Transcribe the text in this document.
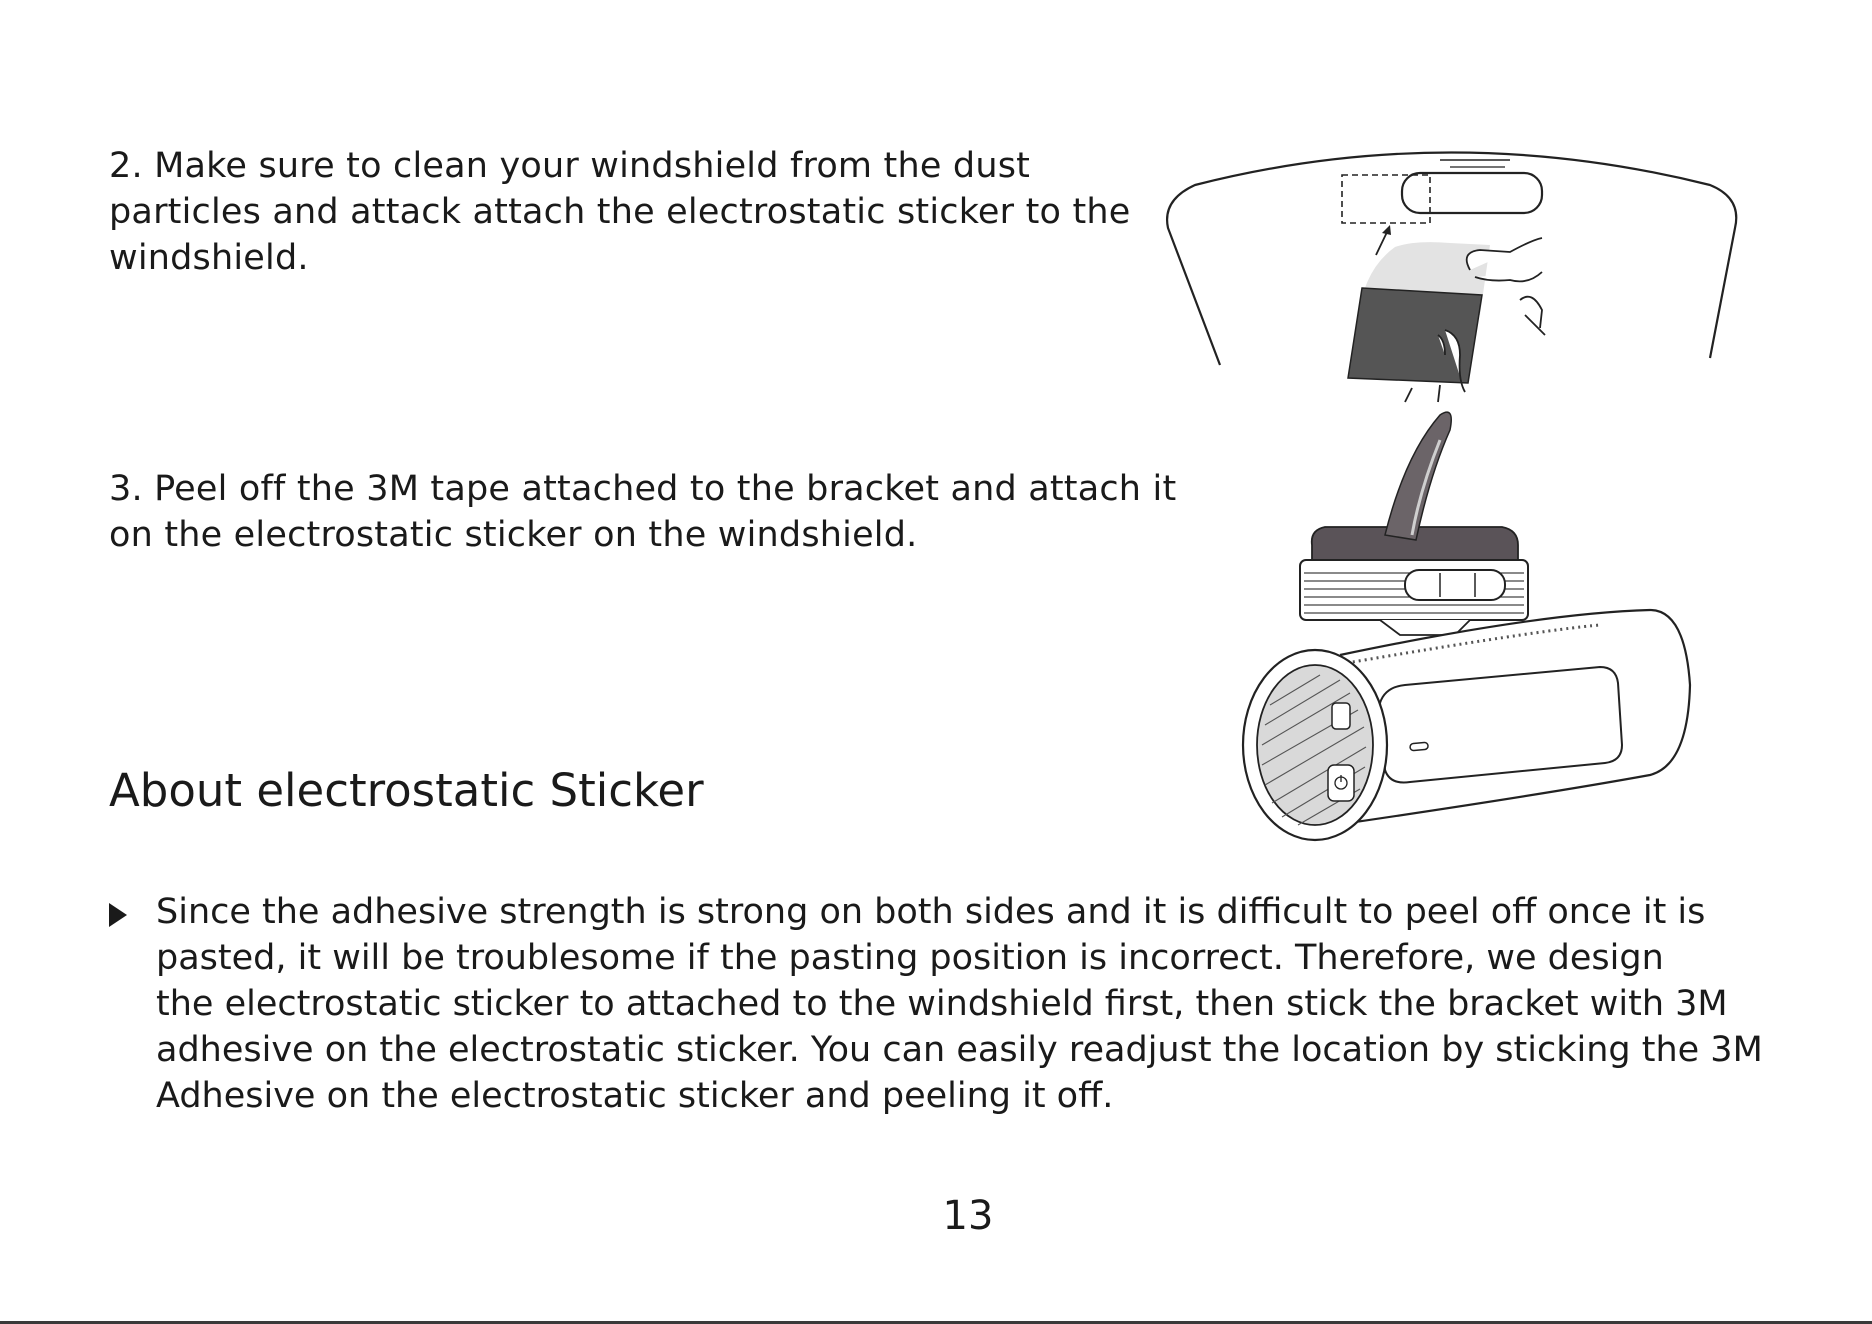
2. Make sure to clean your windshield from the dust
particles and attack attach the electrostatic sticker to the
windshield.

3. Peel off the 3M tape attached to the bracket and attach it
on the electrostatic sticker on the windshield.

About electrostatic Sticker

Since the adhesive strength is strong on both sides and it is difficult to peel off once it is
pasted, it will be troublesome if the pasting position is incorrect. Therefore, we design
the electrostatic sticker to attached to the windshield first, then stick the bracket with 3M
adhesive on the electrostatic sticker. You can easily readjust the location by sticking the 3M
Adhesive on the electrostatic sticker and peeling it off.

13
